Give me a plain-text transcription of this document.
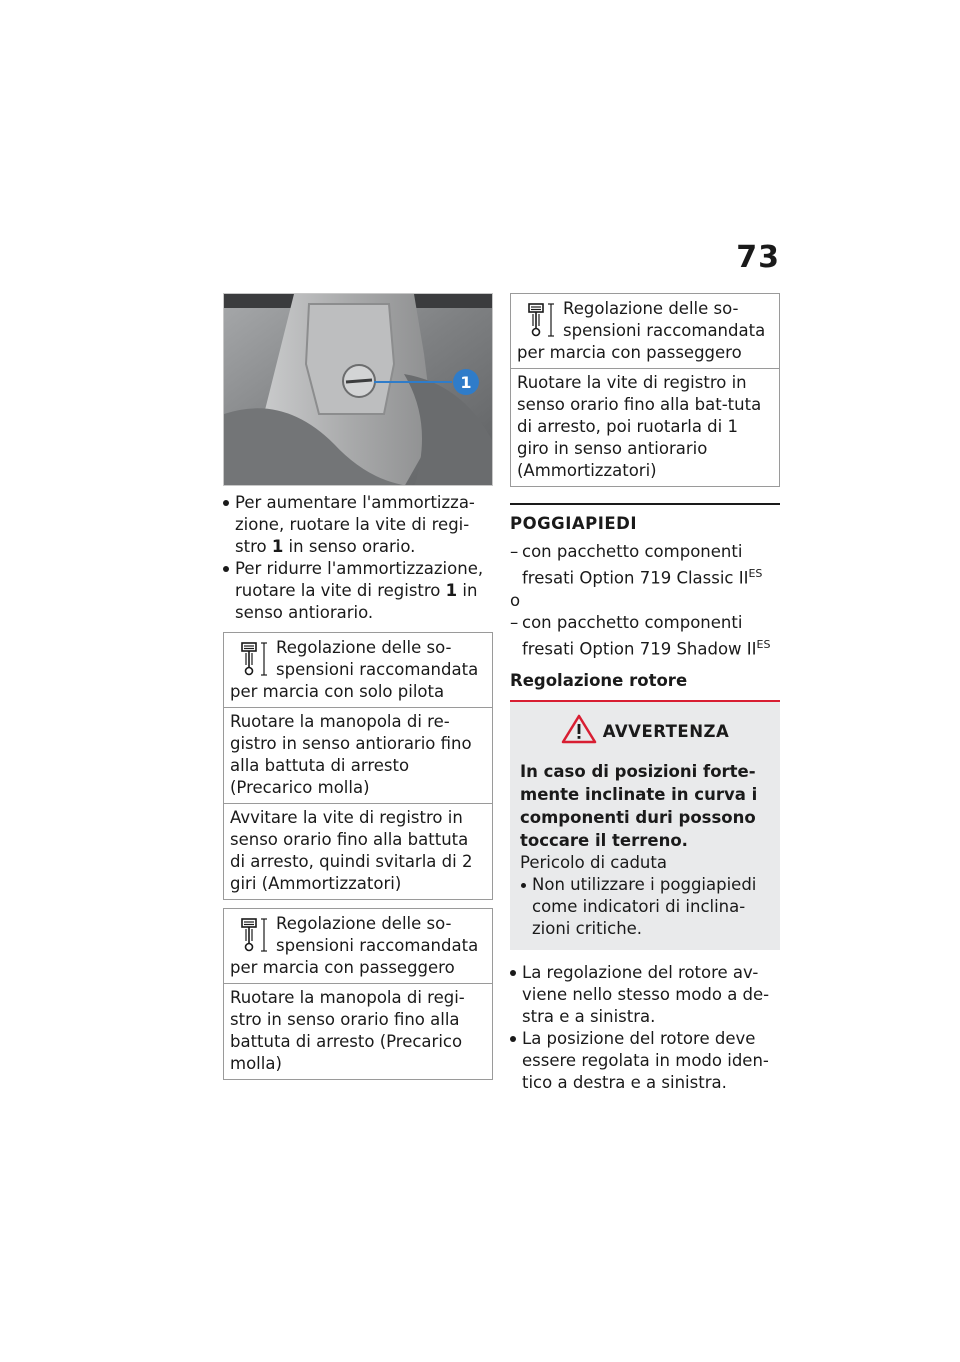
73
1
Per aumentare l'ammortizza-zione, ruotare la vite di regi-stro 1 in senso orario.
Per ridurre l'ammortizzazione, ruotare la vite di registro 1 in senso antiorario.
Regolazione delle so-spensioni raccomandata per marcia con solo pilota
Ruotare la manopola di re-gistro in senso antiorario fino alla battuta di arresto (Precarico molla)
Avvitare la vite di registro in senso orario fino alla battuta di arresto, quindi svitarla di 2 giri (Ammortizzatori)
Regolazione delle so-spensioni raccomandata per marcia con passeggero
Ruotare la manopola di regi-stro in senso orario fino alla battuta di arresto (Precarico molla)
Regolazione delle so-spensioni raccomandata per marcia con passeggero
Ruotare la vite di registro in senso orario fino alla bat-tuta di arresto, poi ruotarla di 1 giro in senso antiorario (Ammortizzatori)
POGGIAPIEDI
– con pacchetto componenti fresati Option 719 Classic $II^{ES}$
o
– con pacchetto componenti fresati Option 719 Shadow $II^{ES}$
Regolazione rotore
AVVERTENZA
In caso di posizioni forte-mente inclinate in curva i componenti duri possono toccare il terreno.
Pericolo di caduta
Non utilizzare i poggiapiedi come indicatori di inclina-zioni critiche.
La regolazione del rotore av-viene nello stesso modo a de-stra e a sinistra.
La posizione del rotore deve essere regolata in modo iden-tico a destra e a sinistra.
